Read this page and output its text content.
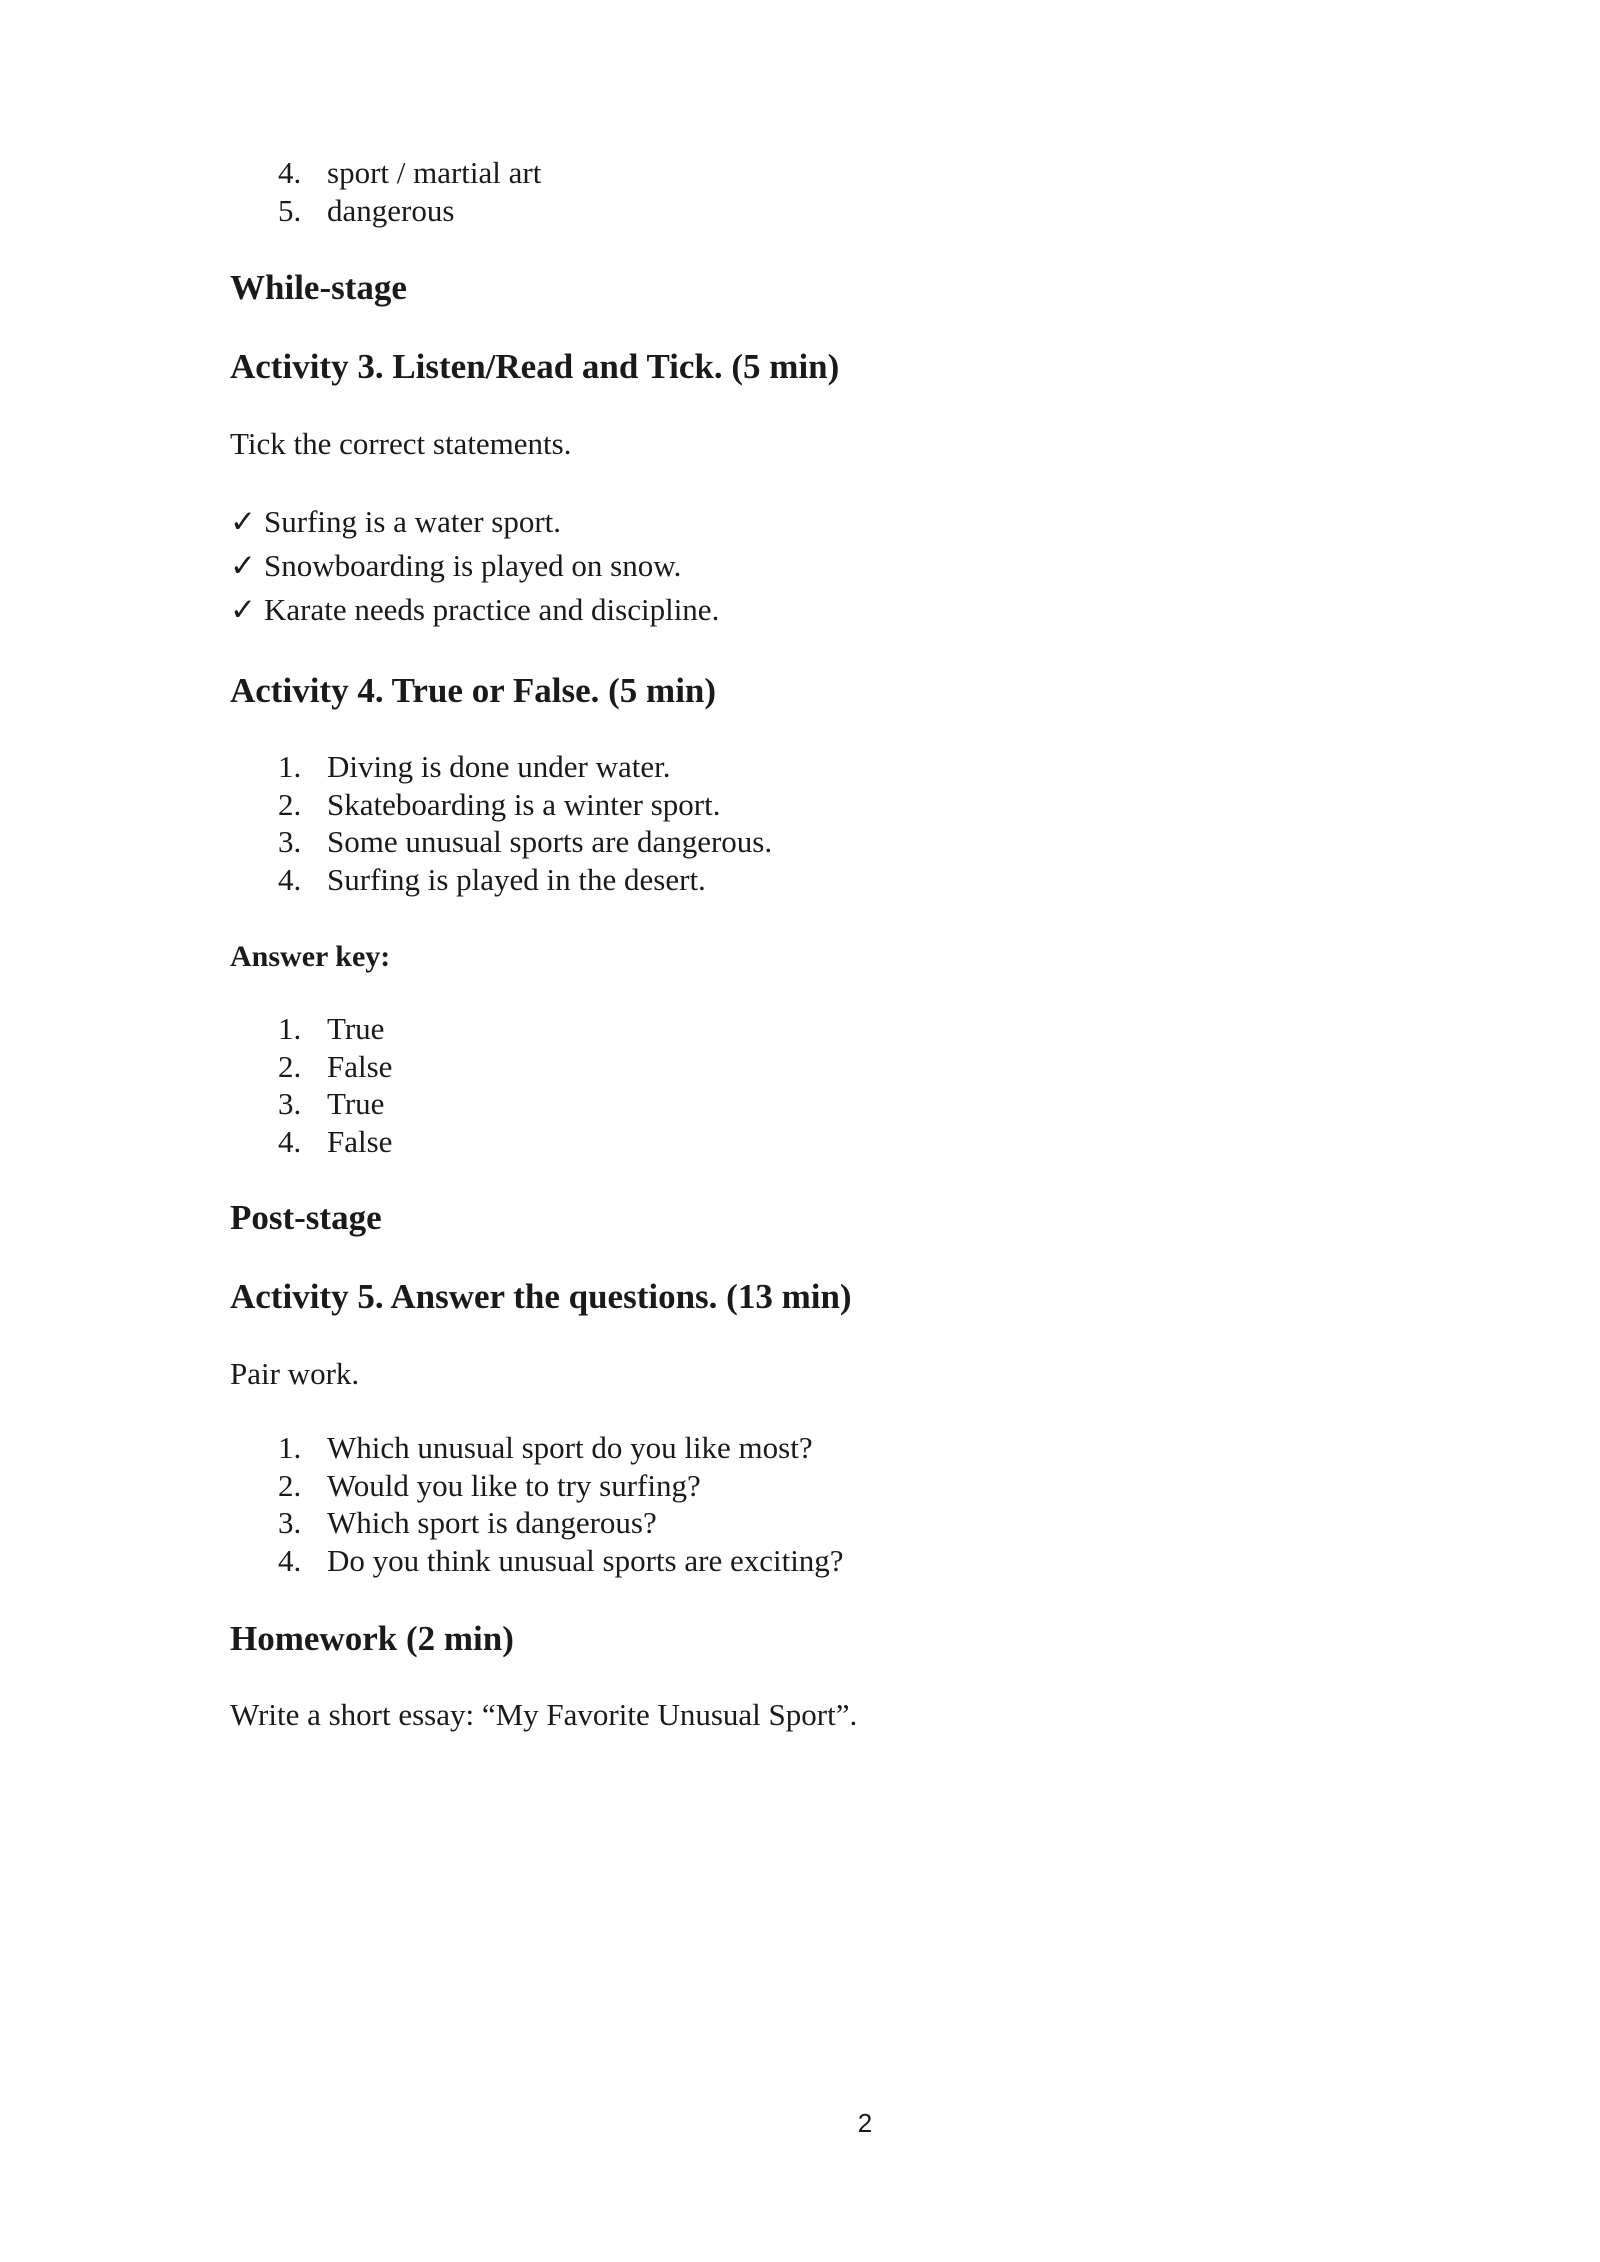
4. sport / martial art
5. dangerous
While-stage
Activity 3. Listen/Read and Tick. (5 min)

Tick the correct statements.

✓ Surfing is a water sport.
✓ Snowboarding is played on snow.
✓ Karate needs practice and discipline.
Activity 4. True or False. (5 min)
1. Diving is done under water.
2. Skateboarding is a winter sport.
3. Some unusual sports are dangerous.
4. Surfing is played in the desert.
Answer key:
1. True
2. False
3. True
4. False
Post-stage
Activity 5. Answer the questions. (13 min)

Pair work.

1. Which unusual sport do you like most?
2. Would you like to try surfing?
3. Which sport is dangerous?
4. Do you think unusual sports are exciting?
Homework (2 min)

Write a short essay: “My Favorite Unusual Sport”.

2
